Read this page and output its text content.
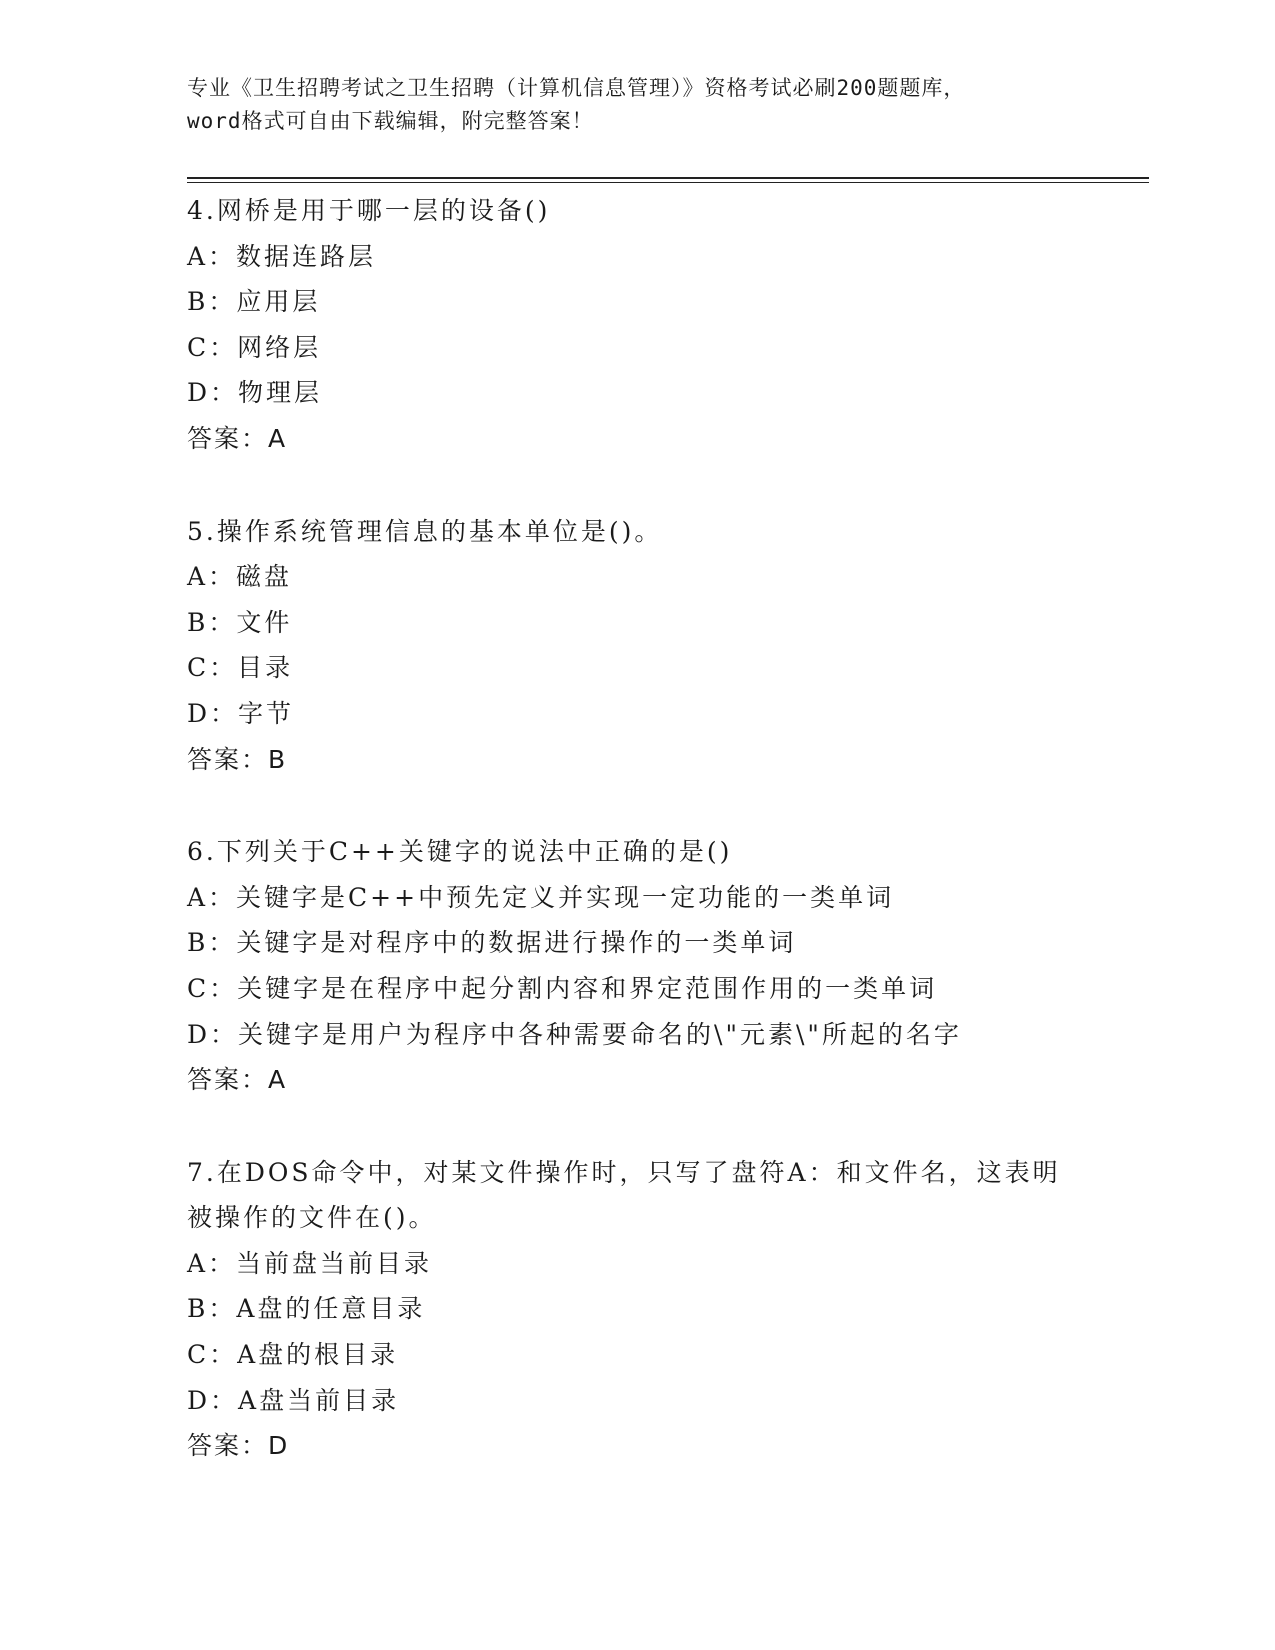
专业《卫生招聘考试之卫生招聘（计算机信息管理）》资格考试必刷200题题库，
word格式可自由下载编辑，附完整答案！
4.网桥是用于哪一层的设备()
A：数据连路层
B：应用层
C：网络层
D：物理层
答案：A
5.操作系统管理信息的基本单位是()。
A：磁盘
B：文件
C：目录
D：字节
答案：B
6.下列关于C++关键字的说法中正确的是()
A：关键字是C++中预先定义并实现一定功能的一类单词
B：关键字是对程序中的数据进行操作的一类单词
C：关键字是在程序中起分割内容和界定范围作用的一类单词
D：关键字是用户为程序中各种需要命名的\"元素\"所起的名字
答案：A
7.在DOS命令中，对某文件操作时，只写了盘符A：和文件名，这表明
被操作的文件在()。
A：当前盘当前目录
B：A盘的任意目录
C：A盘的根目录
D：A盘当前目录
答案：D
